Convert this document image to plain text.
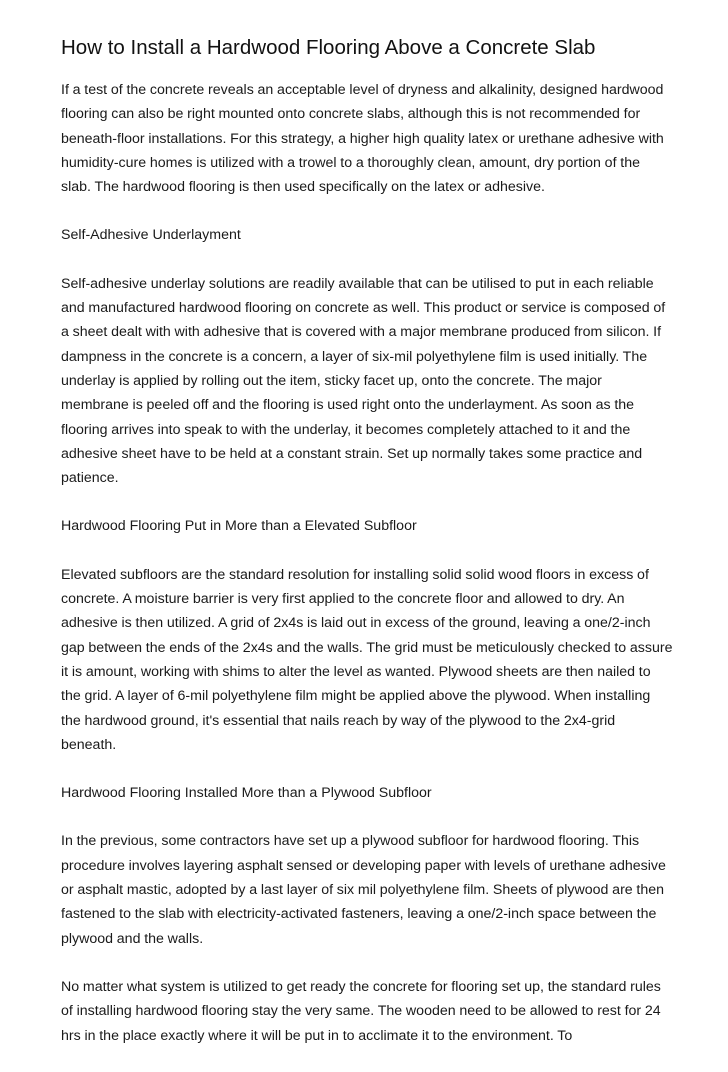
How to Install a Hardwood Flooring Above a Concrete Slab

If a test of the concrete reveals an acceptable level of dryness and alkalinity, designed hardwood flooring can also be right mounted onto concrete slabs, although this is not recommended for beneath-floor installations. For this strategy, a higher high quality latex or urethane adhesive with humidity-cure homes is utilized with a trowel to a thoroughly clean, amount, dry portion of the slab. The hardwood flooring is then used specifically on the latex or adhesive.

Self-Adhesive Underlayment

Self-adhesive underlay solutions are readily available that can be utilised to put in each reliable and manufactured hardwood flooring on concrete as well. This product or service is composed of a sheet dealt with with adhesive that is covered with a major membrane produced from silicon. If dampness in the concrete is a concern, a layer of six-mil polyethylene film is used initially. The underlay is applied by rolling out the item, sticky facet up, onto the concrete. The major membrane is peeled off and the flooring is used right onto the underlayment. As soon as the flooring arrives into speak to with the underlay, it becomes completely attached to it and the adhesive sheet have to be held at a constant strain. Set up normally takes some practice and patience.

Hardwood Flooring Put in More than a Elevated Subfloor

Elevated subfloors are the standard resolution for installing solid solid wood floors in excess of concrete. A moisture barrier is very first applied to the concrete floor and allowed to dry. An adhesive is then utilized. A grid of 2x4s is laid out in excess of the ground, leaving a one/2-inch gap between the ends of the 2x4s and the walls. The grid must be meticulously checked to assure it is amount, working with shims to alter the level as wanted. Plywood sheets are then nailed to the grid. A layer of 6-mil polyethylene film might be applied above the plywood. When installing the hardwood ground, it's essential that nails reach by way of the plywood to the 2x4-grid beneath.

Hardwood Flooring Installed More than a Plywood Subfloor

In the previous, some contractors have set up a plywood subfloor for hardwood flooring. This procedure involves layering asphalt sensed or developing paper with levels of urethane adhesive or asphalt mastic, adopted by a last layer of six mil polyethylene film. Sheets of plywood are then fastened to the slab with electricity-activated fasteners, leaving a one/2-inch space between the plywood and the walls.

No matter what system is utilized to get ready the concrete for flooring set up, the standard rules of installing hardwood flooring stay the very same. The wooden need to be allowed to rest for 24 hrs in the place exactly where it will be put in to acclimate it to the environment. To
